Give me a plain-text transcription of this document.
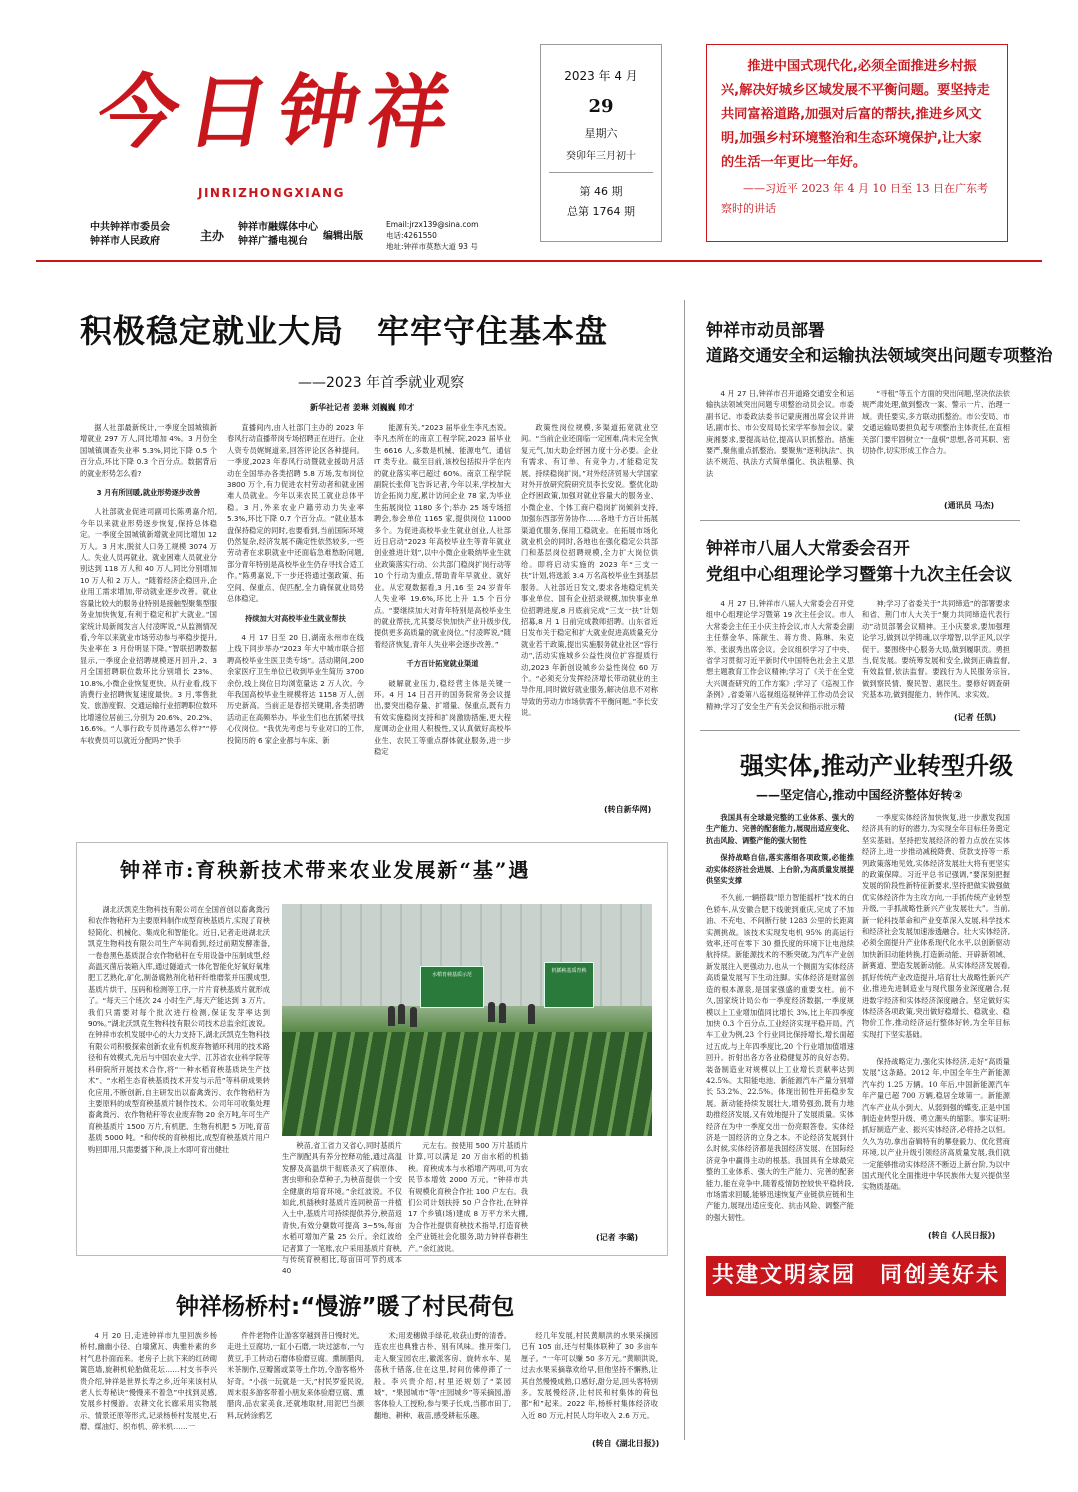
今日钟祥
JINRIZHONGXIANG
中共钟祥市委员会
钟祥市人民政府	主办
钟祥市融媒体中心
钟祥广播电视台	编辑出版
Email:jrzx139@sina.com
电话:4261550
地址:钟祥市莫愁大道 93 号
2023 年 4 月
29
星期六
癸卯年三月初十
第 46 期
总第 1764 期
推进中国式现代化,必须全面推进乡村振兴,解决好城乡区域发展不平衡问题。要坚持走共同富裕道路,加强对后富的帮扶,推进乡风文明,加强乡村环境整治和生态环境保护,让大家的生活一年更比一年好。
——习近平 2023 年 4 月 10 日至 13 日在广东考察时的讲话
积极稳定就业大局　牢牢守住基本盘
——2023 年首季就业观察
新华社记者 姜琳 刘巍巍 帅才
据人社部最新统计,一季度全国城镇新增就业 297 万人,同比增加 4%。3 月份全国城镇调查失业率 5.3%,同比下降 0.5 个百分点,环比下降 0.3 个百分点。数据背后的就业形势怎么看?
3 月有所回暖,就业形势逐步改善
人社部就业促进司副司长陈勇嘉介绍,今年以来就业形势逐步恢复,保持总体稳定。一季度全国城镇新增就业同比增加 12 万人。3 月末,脱贫人口务工规模 3074 万人。失业人员再就业、就业困难人员就业分别达到 118 万人和 40 万人,同比分别增加 10 万人和 2 万人。“随着经济企稳回升,企业用工需求增加,带动就业逐步改善。就业容量比较大的服务业特别是接触型聚集型服务业加快恢复,有利于稳定和扩大就业。”国家统计局新闻发言人付凌晖说,“从监测情况看,今年以来就业市场劳动参与率稳步提升,失业率在 3 月份明显下降。”智联招聘数据显示,一季度企业招聘规模逐月回升,2、3 月全国招聘职位数环比分别增长 23%、10.8%,小微企业恢复更快。从行业看,线下消费行业招聘恢复速度最快。3 月,零售批发、旅游度假、交通运输行业招聘职位数环比增速位居前三,分别为 20.6%、20.2%、16.6%。“人事行政专员待遇怎么样?”“停车收费员可以就近分配吗?”快手
直播间内,由人社部门主办的 2023 年春风行动直播带岗专场招聘正在进行。企业人资专员娓娓道来,回答评论区各种提问。一季度,2023 年春风行动暨就业援助月活动在全国举办各类招聘 5.8 万场,发布岗位 3800 万个,有力促进农村劳动者和就业困难人员就业。今年以来农民工就业总体平稳。3 月,外来农业户籍劳动力失业率 5.3%,环比下降 0.7 个百分点。“就业基本盘保持稳定的同时,也要看到,当前国际环境仍然复杂,经济发展不确定性依然较多,一些劳动者在求职就业中还面临急难愁盼问题,部分青年特别是高校毕业生仍存寻找合适工作。”陈勇嘉说,下一步还将通过强政策、拓空间、保重点、促匹配,全力确保就业局势总体稳定。
持续加大对高校毕业生就业帮扶
4 月 17 日至 20 日,湖南永州市在线上线下同步举办“2023 年大中城市联合招聘高校毕业生医卫类专场”。活动期间,200 余家医疗卫生单位已收到毕业生简历 3700 余份,线上岗位日均浏览量达 2 万人次。今年我国高校毕业生规模将达 1158 万人,创历史新高。当前正是春招关键期,各类招聘活动正在高频举办。毕业生们也在抓紧寻找心仪岗位。“我优先考虑与专业对口的工作,投简历的 6 家企业都与车床、新
能源有关。”2023 届毕业生李凡杰说。李凡杰所在的南京工程学院,2023 届毕业生 6616 人,多数是机械、能源电气、通信 IT 类专业。截至目前,该校包括拟升学在内的就业落实率已超过 60%。南京工程学院副院长张仰飞告诉记者,今年以来,学校加大访企拓岗力度,累计访问企业 78 家,为毕业生拓展岗位 1180 多个;举办 25 场专场招聘会,参会单位 1165 家,提供岗位 11000 多个。为促进高校毕业生就业创业,人社部近日启动“2023 年高校毕业生等青年就业创业推进计划”,以中小微企业吸纳毕业生就业政策落实行动、公共部门稳岗扩岗行动等 10 个行动为重点,帮助青年早就业、就好业。从宏观数据看,3 月,16 至 24 岁青年人失业率 19.6%,环比上升 1.5 个百分点。“要继续加大对青年特别是高校毕业生的就业帮扶,尤其要尽快加快产业升级步伐,提供更多高质量的就业岗位。”付凌晖说,“随着经济恢复,青年人失业率会逐步改善。”
千方百计拓宽就业渠道
破解就业压力,稳经营主体是关键一环。4 月 14 日召开的国务院常务会议提出,要突出稳存量、扩增量、保重点,既有力有效实施稳岗支持和扩岗激励措施,更大程度调动企业用人积极性,又认真做好高校毕业生、农民工等重点群体就业服务,进一步稳定
政策性岗位规模,多渠道拓宽就业空间。“当前企业还面临一定困难,尚未完全恢复元气,加大助企纾困力度十分必要。企业有需求、有订单、有竞争力,才能稳定发展、持续稳岗扩岗。”对外经济贸易大学国家对外开放研究院研究员李长安说。整优化助企纾困政策,加强对就业容量大的服务业、小微企业、个体工商户稳岗扩岗倾斜支持,加强东西部劳务协作……各地千方百计拓展渠道优服务,保用工稳就业。在拓展市场化就业机会的同时,各地也在强化稳定公共部门和基层岗位招聘规模,全力扩大岗位供给。即将启动实施的 2023 年“三支一扶”计划,将选派 3.4 万名高校毕业生到基层服务。人社部近日发文,要求各地稳定机关事业单位、国有企业招录规模,加快事业单位招聘进度,8 月底前完成“三支一扶”计划招募,8 月 1 日前完成教师招聘。山东省近日发布关于稳定和扩大就业促进高质量充分就业若干政策,提出实施服务就业社区“容行动”,活动实施城乡公益性岗位扩容提质行动,2023 年新创设城乡公益性岗位 60 万个。“必须充分发挥经济增长带动就业的主导作用,同时做好就业服务,解决信息不对称导致的劳动力市场供需不平衡问题。”李长安说。
(转自新华网)
钟祥市动员部署
道路交通安全和运输执法领域突出问题专项整治
4 月 27 日,钟祥市召开道路交通安全和运输执法领域突出问题专项整治动员会议。市委副书记、市委政法委书记蒙庚湘出席会议并讲话,副市长、市公安局局长宋学军参加会议。蒙庚湘要求,要提高站位,提高认识抓整治。措施要严,聚焦重点抓整治。要聚焦“逐利执法”、执法不规范、执法方式简单僵化、执法粗暴、执法
“寻租”等五个方面的突出问题,坚决依法依规严肃处理,做到整改一案、警示一片、治理一域。责任要实,多方联动抓整治。市公安局、市交通运输局要担负起专项整治主体责任,在直相关部门要牢固树立“一盘棋”思想,各司其职、密切协作,切实形成工作合力。
(通讯员 马杰)
钟祥市八届人大常委会召开
党组中心组理论学习暨第十九次主任会议
4 月 27 日,钟祥市八届人大常委会召开党组中心组理论学习暨第 19 次主任会议。市人大常委会主任王小庆主持会议,市人大常委会副主任蔡金华、陈献生、蒋方贵、陈琳、朱克举、张淑秀出席会议。会议组织学习了中央、省学习贯彻习近平新时代中国特色社会主义思想主题教育工作会议精神;学习了《关于在全党大兴调查研究的工作方案》;学习了《巡视工作条例》,省委第八巡视组巡视钟祥工作动员会议精神;学习了安全生产有关会议和指示批示精
神;学习了省委关于“共同缔造”的部署要求和省、荆门市人大关于“聚力共同缔造代表行动”动员部署会议精神。王小庆要求,要加强理论学习,做到以学铸魂,以学增智,以学正风,以学促干。要围绕中心服务大局,做到履职贡。勇担当,促发展。要统筹发展和安全,做到正确监督,有效监督,依法监督。要践行为人民服务宗旨,做到察民情、聚民智、惠民生。要修好调查研究基本功,做到提能力、转作风、求实效。
(记者 任凯)
强实体,推动产业转型升级
——坚定信心,推动中国经济整体好转②
我国具有全球最完整的工业体系、强大的生产能力、完善的配套能力,展现出适应变化、抗击风险、调整产能的强大韧性
保持战略自信,落实落细各项政策,必能推动实体经济社会进展、上台阶,为高质量发展提供坚实支撑
不久前,一辆搭载“原力智能摇杆”技术的白色轿车,从安徽合肥下线驶到重庆,完成了不加油、不充电、不间断行驶 1283 公里的长距离实测挑战。该技术实现发电机 95% 的高运行效率,还可在零下 30 摄氏度的环境下让电池续航持续。新能源技术的不断突破,为汽车产业创新发展注入更强动力,也从一个侧面为实体经济高质量发展写下生动注脚。实体经济是财富创造的根本源泉,是国家强盛的重要支柱。前不久,国家统计局公布一季度经济数据,一季度规模以上工业增加值同比增长 3%,比上年四季度加快 0.3 个百分点,工业经济实现平稳开局。汽车工业为例,23 个行业同比保持增长,增长面超过五成,与上年四季度比,20 个行业增加值增速回升。折射出各方各业稳健复苏的良好态势。装备制造业对规模以上工业增长贡献率达到 42.5%。太阳能电池、新能源汽车产量分别增长 53.2%、22.5%。体现出韧性开拓稳步发展。新动能持续发展壮大,增势强劲,既有力地助推经济发展,又有效地提升了发展质量。实体经济在为中一季度交出一份亮眼答卷。实体经济是一国经济的立身之本。不论经济发展到什么时候,实体经济都是我国经济发展、在国际经济竞争中赢得主动的根基。我国具有全球最完整的工业体系、强大的生产能力、完善的配套能力,能在竞争中,随着疫情防控较快平稳转段,市场需求回暖,能够迅速恢复产业链供应链和生产能力,展现出适应变化、抗击风险、调整产能的强大韧性。
一季度实体经济加快恢复,进一步激发我国经济具有的好的潜力,为实现全年目标任务奠定坚实基础。坚持把发展经济的着力点放在实体经济上,进一步推动减税降费、贷款支持等一系列政策落地见效,实体经济发展壮大将有更坚实的政策保障。习近平总书记强调,“要深刻把握发展的阶段性新特征新要求,坚持把做实做强做优实体经济作为主攻方向,一手抓传统产业转型升级,一手抓战略性新兴产业发展壮大”。当前,新一轮科技革命和产业变革深入发展,科学技术和经济社会发展加速渗透融合。壮大实体经济,必须全面提升产业体系现代化水平,以创新驱动加快新旧动能转换,打造新动能、开辟新领域、新赛道、塑造发展新动能。从实体经济发展看,抓好传统产业改造提升,培育壮大战略性新兴产业,推进先进制造业与现代服务业深度融合,促进数字经济和实体经济深度融合。坚定做好实体经济各项政策,突出做好稳增长、稳就业、稳物价工作,推动经济运行整体好转,为全年目标实现打下坚实基础。
保持战略定力,强化实体经济,走好“高质量发展”这条路。2012 年,中国全年生产新能源汽车约 1.25 万辆。10 年后,中国新能源汽车年产量已超 700 万辆,稳居全球第一。新能源汽车产业从小到大、从弱到强的蝶变,正是中国制造业转型升级、勇立潮头的缩影。事实证明:抓好制造产业、振兴实体经济,必将持之以恒。久久为功,拿出奋辑特有的攀登毅力、优化营商环境,以产业升级引领经济高质量发展,我们就一定能够推动实体经济不断迈上新台阶,为以中国式现代化全面推进中华民族伟大复兴提供坚实物质基础。
(转自《人民日报》)
共建文明家园　同创美好未来
钟祥市:育秧新技术带来农业发展新“基”遇
湖北沃凯克生物科技有限公司在全国首创以畜禽粪污和农作物秸秆为主要原料制作成型育秧基质片,实现了育秧轻简化、机械化、集成化和智能化。近日,记者走进湖北沃凯克生物科技有限公司生产车间看到,经过前期发酵准备,一卷卷黑色基质混合农作物秸秆在专用设备中压制成型,经高温灭菌后装箱入库,通过隧道式一体化智能化好氧好氧堆肥工艺熟化,矿化,制备腐熟剂化秸秆纤维磨浆并压膜成型,基质片烘干、压码和检测等工序,一片片育秧基质片就形成了。“每天三个班次 24 小时生产,每天产能达到 3 万片。我们只需要对每个批次进行检测,保证发芽率达到 90%。”湖北沃凯克生物科技有限公司技术总监余红波说。在钟祥市农机发展中心的大力支持下,湖北沃凯克生物科技有限公司积极探索创新农业有机废弃物循环利用的技术路径和有效模式,先后与中国农业大学、江苏省农业科学院等科研院所开展技术合作,将“一种水稻育秧基质块生产技术”、“水稻生态育秧基质技术开发与示范”等科研成果转化应用,不断创新,自主研发出以畜禽粪污、农作物秸秆为主要原料的成型育秧基质片制作技术。公司年可收集处理畜禽粪污、农作物秸秆等农业废弃物 20 余万吨,年可生产育秧基质片 1500 万片,有机肥、生物有机肥 5 万吨,育苗基质 5000 吨。“和传统的育秧相比,成型育秧基质片用户购回即用,只需要播下种,淡上水即可育出健壮
水稻育秧基质示范
机插秧基质育秧
秧苗,省工省力又省心,同时基质片生产制配具有养分控释功能,通过高温发酵及高温烘干彻底杀灭了病原体、害虫卵和杂草种子,为秧苗提供一个安全健康的培育环境。”余红波说。不仅如此,机插秧时基质片连同秧苗一并植入土中,基质片可持续提供养分,秧苗返青快,有效分蘖数可提高 3~5%,每亩水稻可增加产量 25 公斤。余红波给记者算了一笔账,农户采用基质片育秧,与传统育秧相比,每亩田可节约成本 40
元左右。按使用 500 万片基质片计算,可以满足 20 万亩水稻的机插秧。育秧成本与水稻增产两项,可为农民节本增效 2000 万元。“钟祥市共有规模化育秧合作社 100 户左右。我们公司计划扶持 50 户合作社,在钟祥 17 个乡镇(场)建成 8 万平方米大棚,为合作社提供育秧技术指导,打造育秧全产业链社会化服务,助力钟祥春耕生产。”余红波说。
(记者 李璐)
钟祥杨桥村:“慢游”暖了村民荷包
4 月 20 日,走进钟祥市九里回族乡杨桥村,幽幽小径、白墙黛瓦、典雅朴素的乡村气息扑面而来。老房子上抗下来的红砖砌篱笆墙,旋耕机轮胎做花坛……村支书李兴贵介绍,钟祥是世界长寿之乡,近年来该村从老人长寿秘诀“慢慢来不着急”中找到灵感,发展乡村慢游。农耕文化长廊采用实物展示、情景还原等形式,记录杨桥村发展史,石磨、煤油灯、织布机、碎米机……一
件件老物件让游客穿越到昔日慢时光。走进土豆腐坊,一缸小石磨,一块过滤布,一勺黄豆,手工转动石磨体验磨豆腐。熏制腊肉,米茶制作,豆瓣酱或菜等土作坊,令游客格外好奇。“小孩一玩就是一天,”村民罗爱民说,周末很多游客带着小朋友来体验磨豆腐、熏腊肉,品农家美食,还就地取材,用泥巴当颜料,玩转涂鸦艺
术;用麦穗做手绿花,收获山野的清香。连农庄也典雅古朴、别有风味。推开柴门,走入聚宝园农庄,徽派客房、旋转水车、晃荡秋千错落,住在这里,时间仿佛停滞了一般。李兴贵介绍,村里还规划了“菜园城”、“果园城市”等“庄园城乡”等采摘园,游客体验人工授粉,参与果子长成,当都市田丁,翻地、耕种、栽苗,感受耕耘乐趣。
经几年发展,村民黄顺洪的水果采摘园已有 105 亩,还与村集体联种了 30 多亩车厘子。“一年可以赚 50 多万元。”黄顺洪说,过去水果采摘靠欢给早,但他坚持不懈熟,让其自然慢慢成熟,口感好,甜分足,回头客特别多。发展慢经济,让村民和村集体的荷包都“和”起来。2022 年,杨桥村集体经济收入近 80 万元,村民人均年收入 2.6 万元。
(转自《湖北日报》)
